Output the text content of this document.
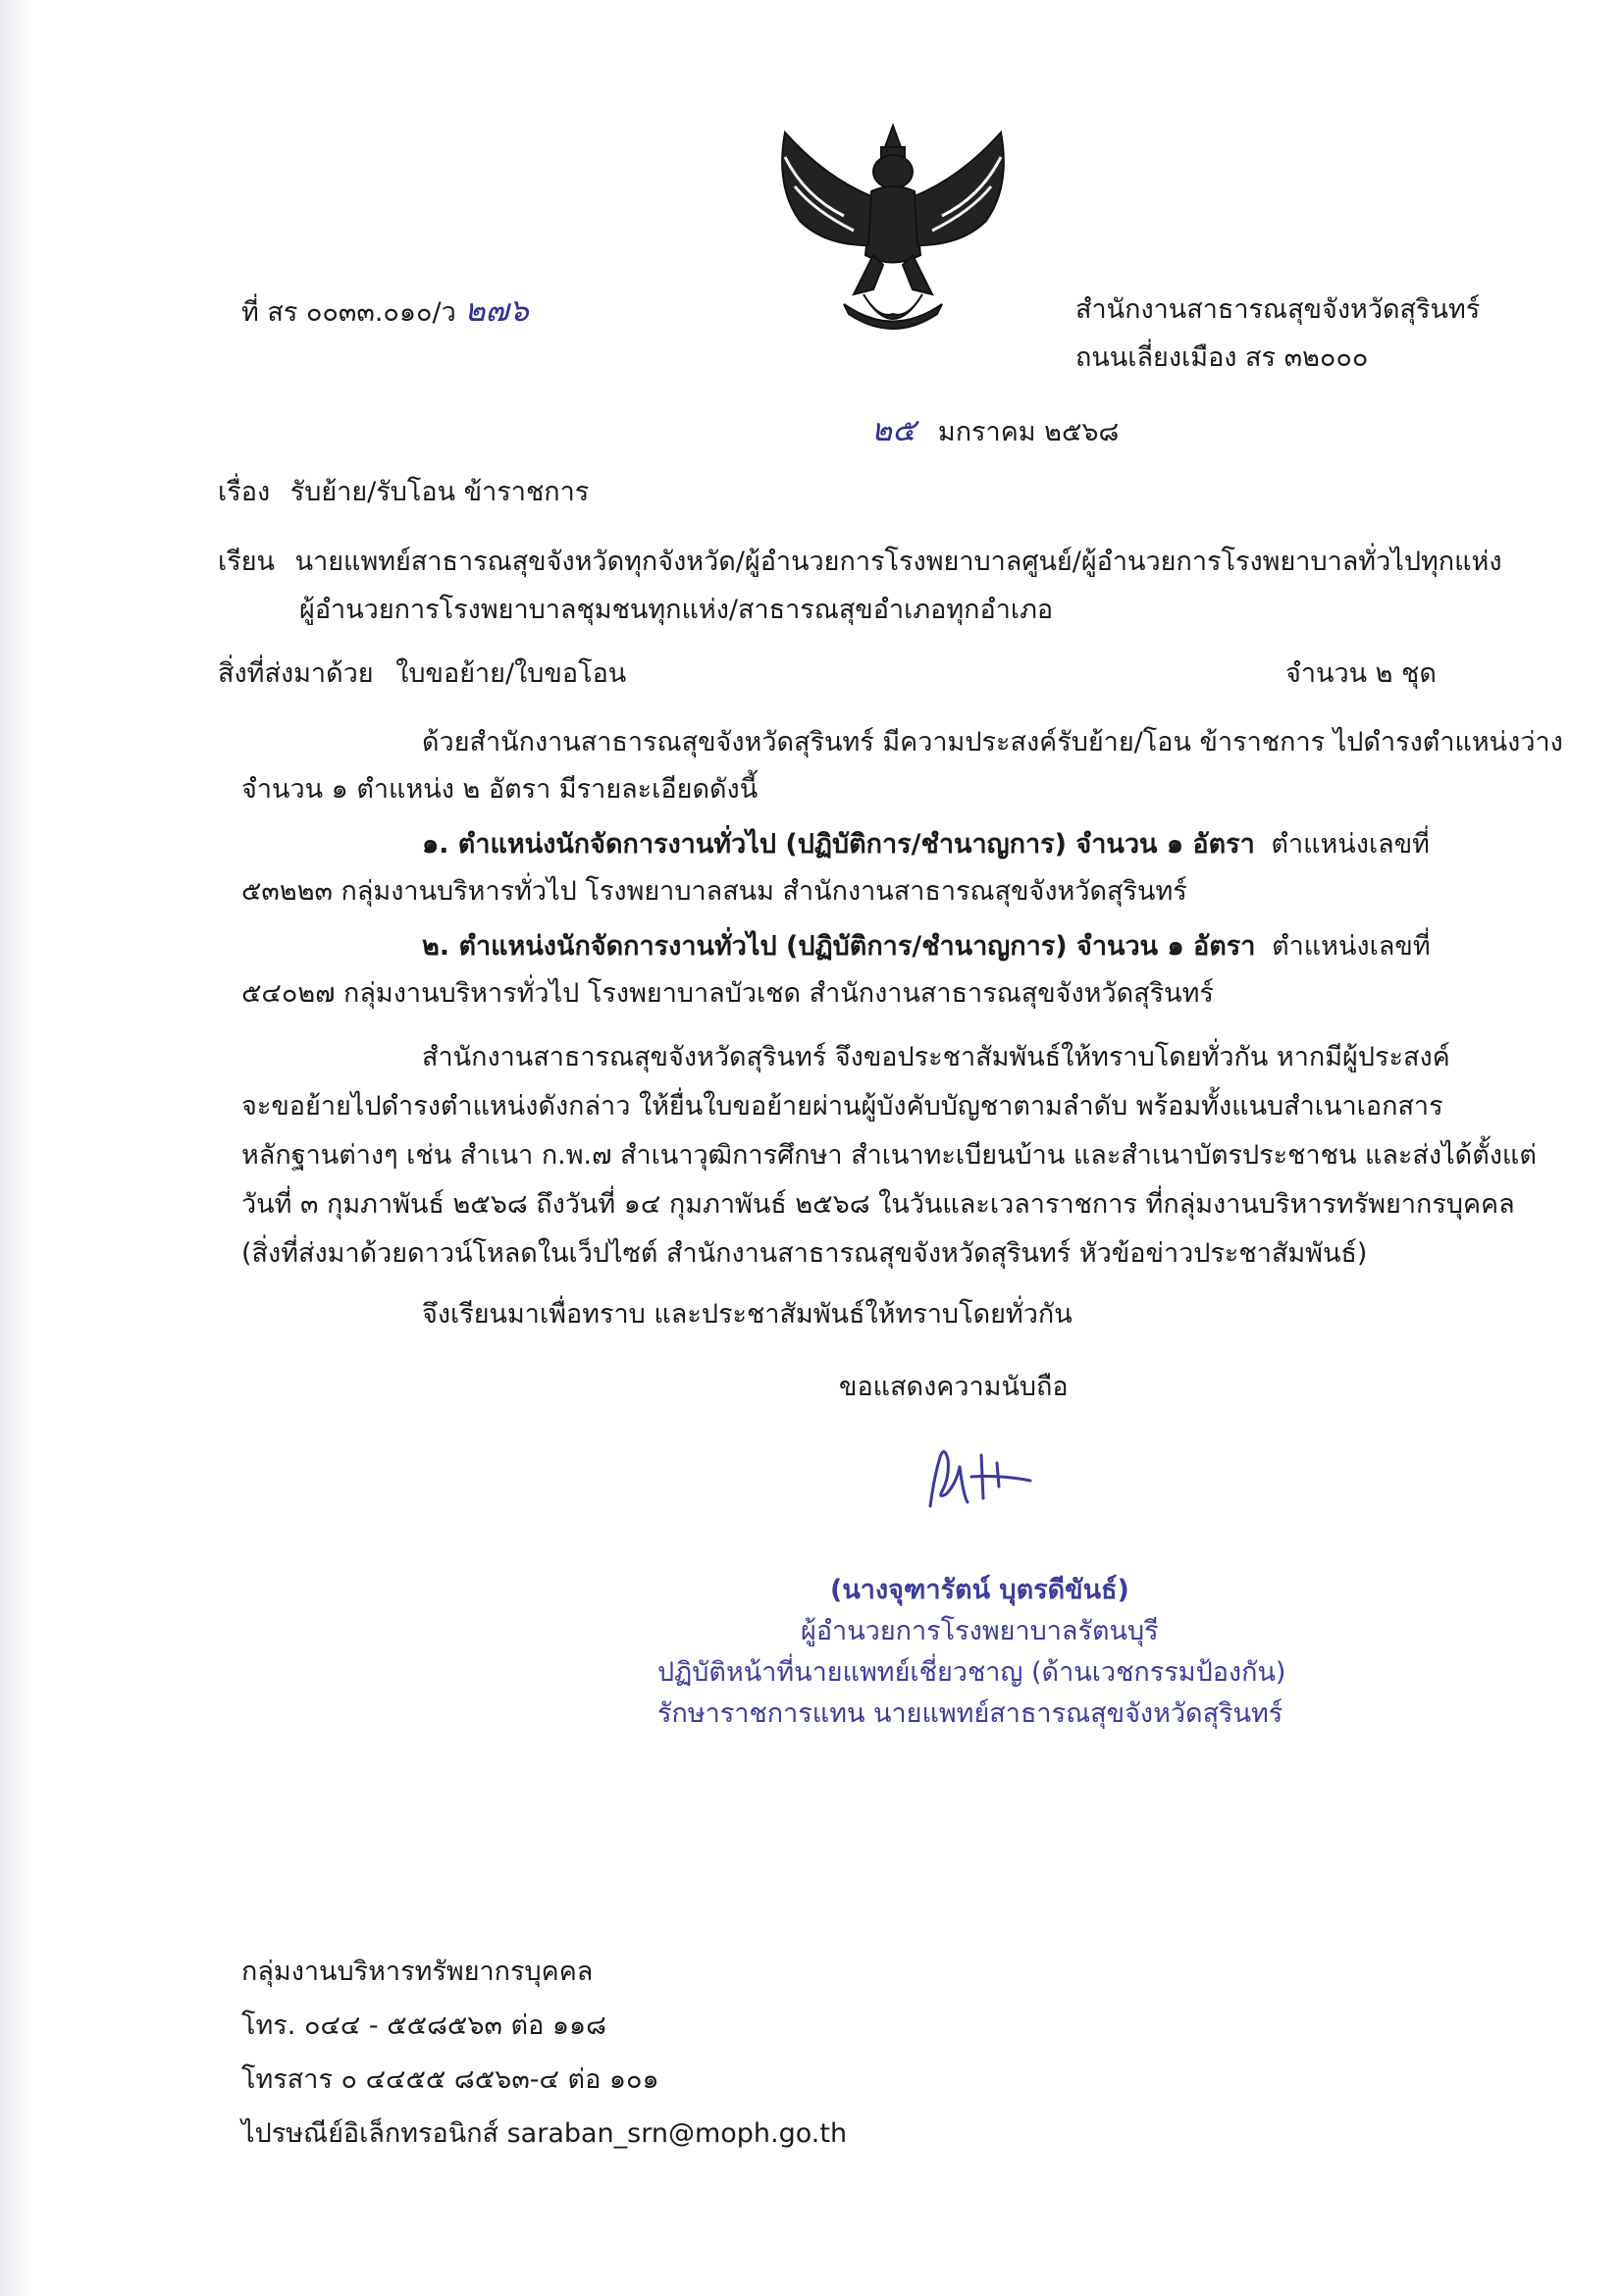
ที่ สร ๐๐๓๓.๐๑๐/ว ๒๗๖	สำนักงานสาธารณสุขจังหวัดสุรินทร์
ถนนเลี่ยงเมือง สร ๓๒๐๐๐
๒๕ มกราคม ๒๕๖๘
เรื่อง รับย้าย/รับโอน ข้าราชการ
เรียน นายแพทย์สาธารณสุขจังหวัดทุกจังหวัด/ผู้อำนวยการโรงพยาบาลศูนย์/ผู้อำนวยการโรงพยาบาลทั่วไปทุกแห่ง
ผู้อำนวยการโรงพยาบาลชุมชนทุกแห่ง/สาธารณสุขอำเภอทุกอำเภอ
สิ่งที่ส่งมาด้วย ใบขอย้าย/ใบขอโอน	จำนวน ๒ ชุด
ด้วยสำนักงานสาธารณสุขจังหวัดสุรินทร์ มีความประสงค์รับย้าย/โอน ข้าราชการ ไปดำรงตำแหน่งว่าง
จำนวน ๑ ตำแหน่ง ๒ อัตรา มีรายละเอียดดังนี้
๑. ตำแหน่งนักจัดการงานทั่วไป (ปฏิบัติการ/ชำนาญการ) จำนวน ๑ อัตรา ตำแหน่งเลขที่
๕๓๒๒๓ กลุ่มงานบริหารทั่วไป โรงพยาบาลสนม สำนักงานสาธารณสุขจังหวัดสุรินทร์
๒. ตำแหน่งนักจัดการงานทั่วไป (ปฏิบัติการ/ชำนาญการ) จำนวน ๑ อัตรา ตำแหน่งเลขที่
๕๔๐๒๗ กลุ่มงานบริหารทั่วไป โรงพยาบาลบัวเชด สำนักงานสาธารณสุขจังหวัดสุรินทร์
สำนักงานสาธารณสุขจังหวัดสุรินทร์ จึงขอประชาสัมพันธ์ให้ทราบโดยทั่วกัน หากมีผู้ประสงค์
จะขอย้ายไปดำรงตำแหน่งดังกล่าว ให้ยื่นใบขอย้ายผ่านผู้บังคับบัญชาตามลำดับ พร้อมทั้งแนบสำเนาเอกสาร
หลักฐานต่างๆ เช่น สำเนา ก.พ.๗ สำเนาวุฒิการศึกษา สำเนาทะเบียนบ้าน และสำเนาบัตรประชาชน และส่งได้ตั้งแต่
วันที่ ๓ กุมภาพันธ์ ๒๕๖๘ ถึงวันที่ ๑๔ กุมภาพันธ์ ๒๕๖๘ ในวันและเวลาราชการ ที่กลุ่มงานบริหารทรัพยากรบุคคล
(สิ่งที่ส่งมาด้วยดาวน์โหลดในเว็ปไซต์ สำนักงานสาธารณสุขจังหวัดสุรินทร์ หัวข้อข่าวประชาสัมพันธ์)
จึงเรียนมาเพื่อทราบ และประชาสัมพันธ์ให้ทราบโดยทั่วกัน
ขอแสดงความนับถือ
(นางจุฑารัตน์ บุตรดีขันธ์)
ผู้อำนวยการโรงพยาบาลรัตนบุรี
ปฏิบัติหน้าที่นายแพทย์เชี่ยวชาญ (ด้านเวชกรรมป้องกัน)
รักษาราชการแทน นายแพทย์สาธารณสุขจังหวัดสุรินทร์
กลุ่มงานบริหารทรัพยากรบุคคล
โทร. ๐๔๔ - ๕๕๘๕๖๓ ต่อ ๑๑๘
โทรสาร ๐ ๔๔๕๕ ๘๕๖๓-๔ ต่อ ๑๐๑
ไปรษณีย์อิเล็กทรอนิกส์ saraban_srn@moph.go.th
